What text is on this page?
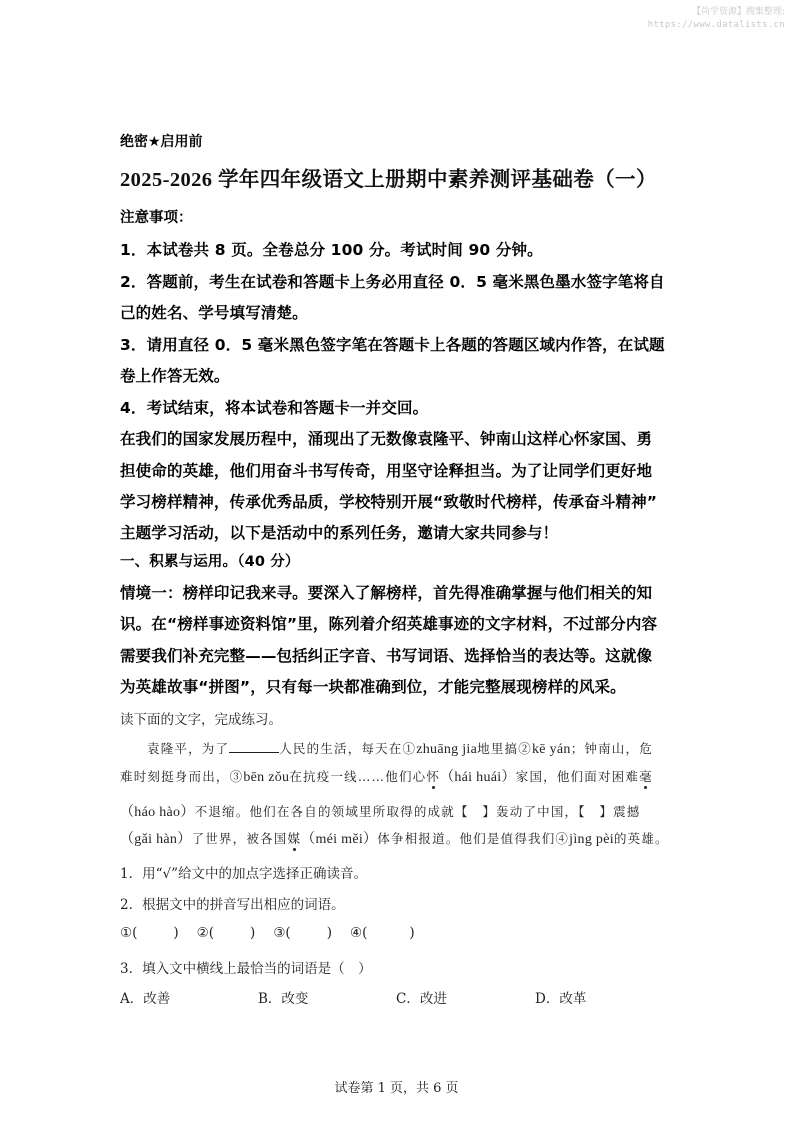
【尚学资源】搜集整理:
https://www.datalists.cn
绝密★启用前
2025-2026 学年四年级语文上册期中素养测评基础卷（一）
注意事项：
1．本试卷共 8 页。全卷总分 100 分。考试时间 90 分钟。
2．答题前，考生在试卷和答题卡上务必用直径 0．5 毫米黑色墨水签字笔将自
己的姓名、学号填写清楚。
3．请用直径 0．5 毫米黑色签字笔在答题卡上各题的答题区域内作答，在试题
卷上作答无效。
4．考试结束，将本试卷和答题卡一并交回。
在我们的国家发展历程中，涌现出了无数像袁隆平、钟南山这样心怀家国、勇
担使命的英雄，他们用奋斗书写传奇，用坚守诠释担当。为了让同学们更好地
学习榜样精神，传承优秀品质，学校特别开展“致敬时代榜样，传承奋斗精神”
主题学习活动，以下是活动中的系列任务，邀请大家共同参与！
一、积累与运用。（40 分）
情境一：榜样印记我来寻。要深入了解榜样，首先得准确掌握与他们相关的知
识。在“榜样事迹资料馆”里，陈列着介绍英雄事迹的文字材料，不过部分内容
需要我们补充完整——包括纠正字音、书写词语、选择恰当的表达等。这就像
为英雄故事“拼图”，只有每一块都准确到位，才能完整展现榜样的风采。
读下面的文字，完成练习。
袁隆平，为了	人民的生活，每天在①zhuāng jia地里搞②kē yán；钟南山，危
难时刻挺身而出，③bēn zǒu在抗疫一线……他们心怀（hái huái）家国，他们面对困难毫
（háo hào）不退缩。他们在各自的领域里所取得的成就【　】轰动了中国，【　】震撼
（gǎi hàn）了世界，被各国媒（méi měi）体争相报道。他们是值得我们④jìng pèi的英雄。
1．用“√”给文中的加点字选择正确读音。
2．根据文中的拼音写出相应的词语。
①(	) ②(	) ③(	) ④(	)
3．填入文中横线上最恰当的词语是（　）
A．改善	B．改变	C．改进	D．改革
试卷第 1 页，共 6 页
